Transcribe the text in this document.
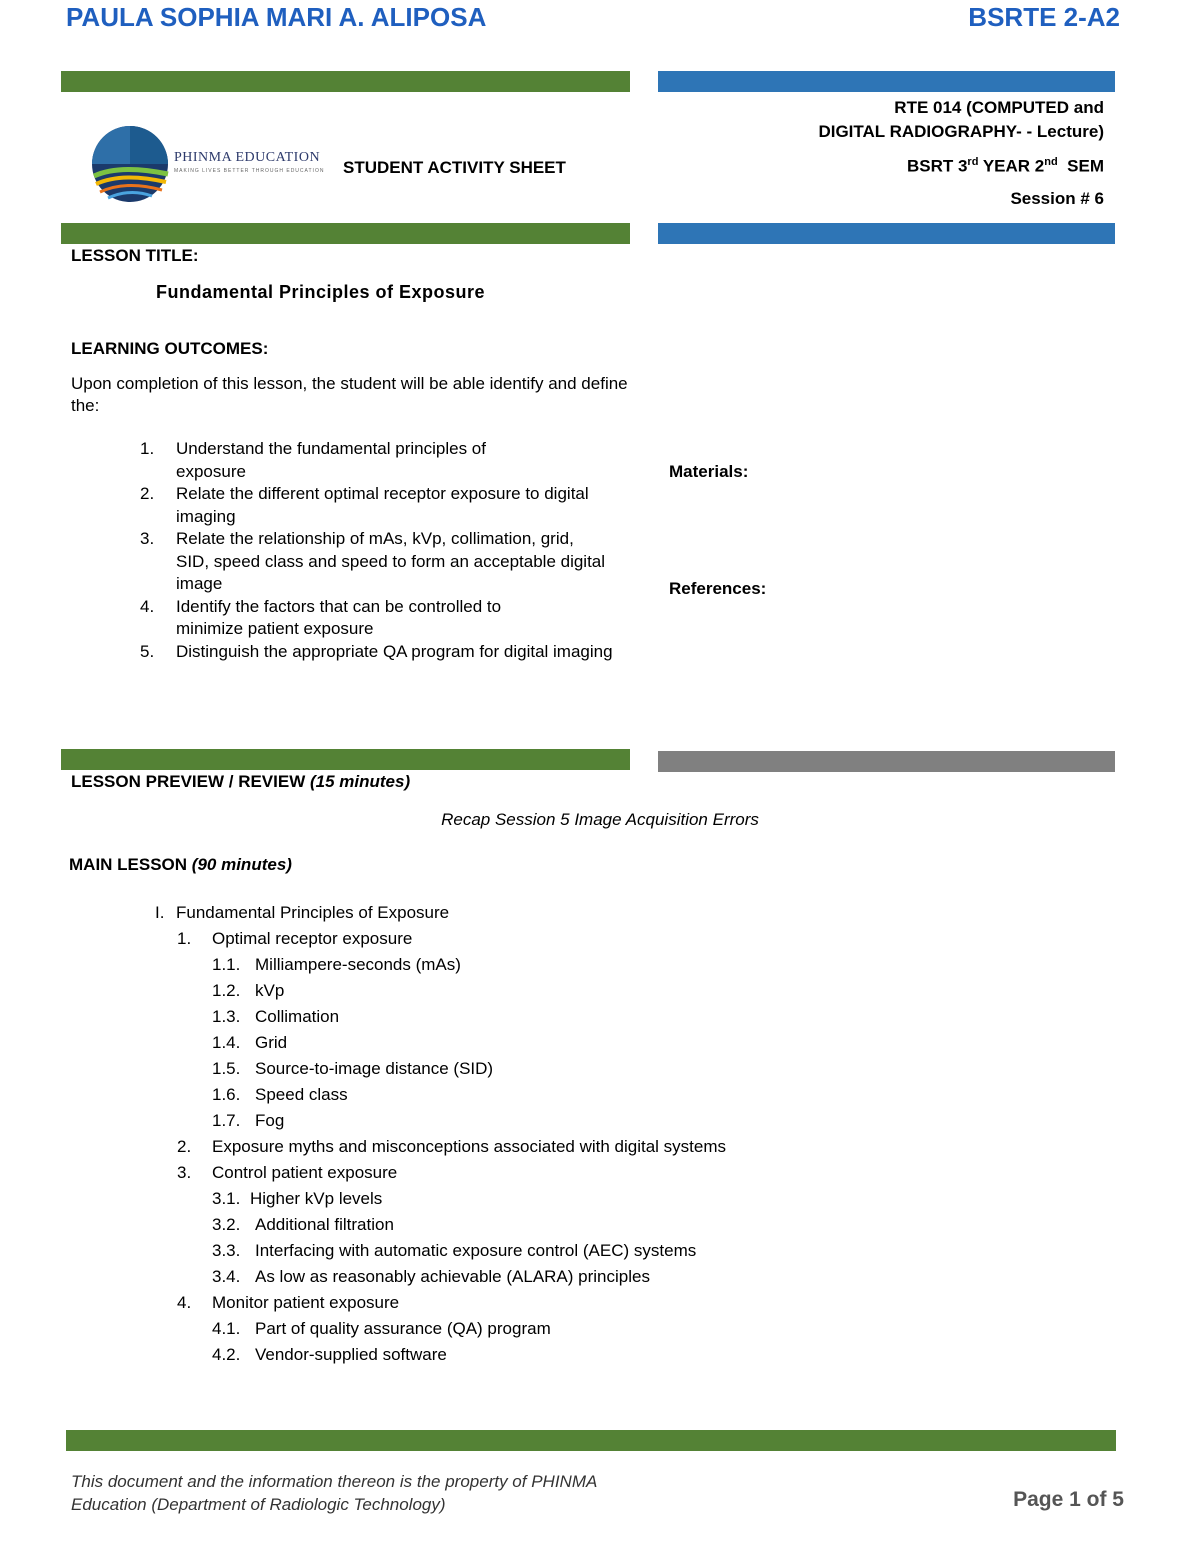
PAULA SOPHIA MARI A. ALIPOSA	BSRTE 2-A2
PHINMA EDUCATION
MAKING LIVES BETTER THROUGH EDUCATION STUDENT ACTIVITY SHEET
RTE 014 (COMPUTED and
DIGITAL RADIOGRAPHY- - Lecture)
BSRT 3rd YEAR 2nd  SEM
Session # 6
LESSON TITLE:
Fundamental Principles of Exposure
LEARNING OUTCOMES:
Upon completion of this lesson, the student will be able identify and define the:
1. Understand the fundamental principles of exposure
2. Relate the different optimal receptor exposure to digital imaging
3. Relate the relationship of mAs, kVp, collimation, grid, SID, speed class and speed to form an acceptable digital image
4. Identify the factors that can be controlled to minimize patient exposure
5. Distinguish the appropriate QA program for digital imaging
Materials:
References:
LESSON PREVIEW / REVIEW (15 minutes)
Recap Session 5 Image Acquisition Errors
MAIN LESSON (90 minutes)
I. Fundamental Principles of Exposure
1. Optimal receptor exposure
1.1. Milliampere-seconds (mAs)
1.2. kVp
1.3. Collimation
1.4. Grid
1.5. Source-to-image distance (SID)
1.6. Speed class
1.7. Fog
2. Exposure myths and misconceptions associated with digital systems
3. Control patient exposure
3.1. Higher kVp levels
3.2. Additional filtration
3.3. Interfacing with automatic exposure control (AEC) systems
3.4. As low as reasonably achievable (ALARA) principles
4. Monitor patient exposure
4.1. Part of quality assurance (QA) program
4.2. Vendor-supplied software
This document and the information thereon is the property of PHINMA
Education (Department of Radiologic Technology)	Page 1 of 5
